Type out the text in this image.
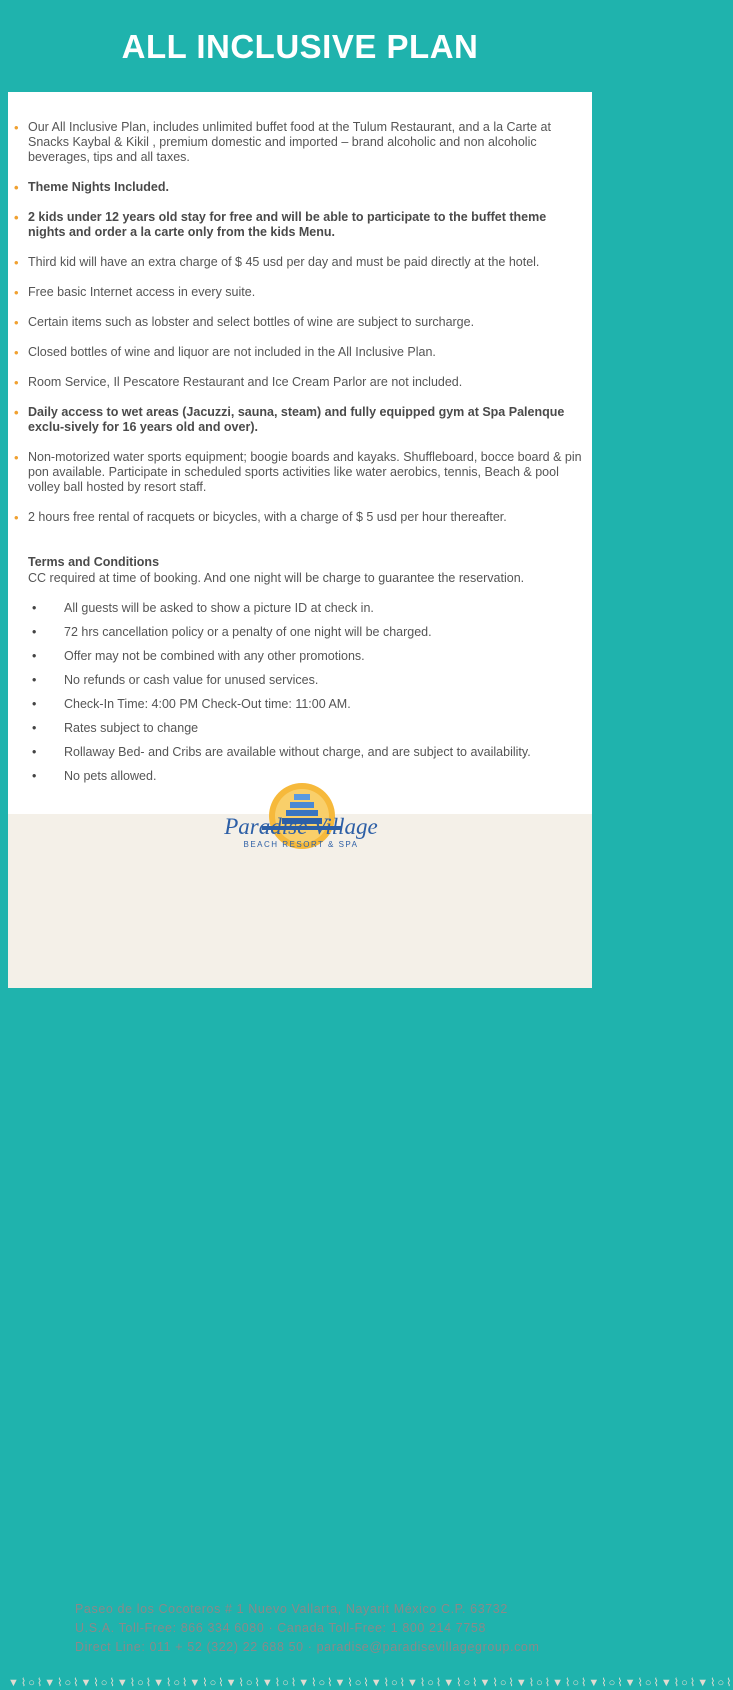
ALL INCLUSIVE PLAN
• Our All Inclusive Plan, includes unlimited buffet food at the Tulum Restaurant, and a la Carte at Snacks Kaybal & Kikil , premium domestic and imported – brand alcoholic and non alcoholic beverages, tips and all taxes.
• Theme Nights Included.
• 2 kids under 12 years old stay for free and will be able to participate to the buffet theme nights and order a la carte only from the kids Menu.
• Third kid will have an extra charge of $ 45 usd per day and must be paid directly at the hotel.
• Free basic Internet access in every suite.
• Certain items such as lobster and select bottles of wine are subject to surcharge.
• Closed bottles of wine and liquor are not included in the All Inclusive Plan.
• Room Service, Il Pescatore Restaurant and Ice Cream Parlor are not included.
• Daily access to wet areas (Jacuzzi, sauna, steam) and fully equipped gym at Spa Palenque exclu-sively for 16 years old and over).
• Non-motorized water sports equipment; boogie boards and kayaks. Shuffleboard, bocce board & pin pon available. Participate in scheduled sports activities like water aerobics, tennis, Beach & pool volley ball hosted by resort staff.
• 2 hours free rental of racquets or bicycles, with a charge of $ 5 usd per hour thereafter.
Terms and Conditions
CC required at time of booking. And one night will be charge to guarantee the reservation.
• All guests will be asked to show a picture ID at check in.
• 72 hrs cancellation policy or a penalty of one night will be charged.
• Offer may not be combined with any other promotions.
• No refunds or cash value for unused services.
• Check-In Time: 4:00 PM Check-Out time: 11:00 AM.
• Rates subject to change
• Rollaway Bed- and Cribs are available without charge, and are subject to availability.
• No pets allowed.
Paseo de los Cocoteros # 1 Nuevo Vallarta, Nayarit México C.P. 63732
U.S.A. Toll-Free: 866 334 6080 · Canada Toll-Free: 1 800 214 7758
Direct Line: 011 + 52 (322) 22 688 50 · paradise@paradisevillagegroup.com
▼⌇○⌇▼⌇○⌇▼⌇○⌇▼⌇○⌇▼⌇○⌇▼⌇○⌇▼⌇○⌇▼⌇○⌇▼⌇○⌇▼⌇○⌇▼⌇○⌇▼⌇○⌇▼⌇○⌇▼⌇○⌇▼⌇○⌇▼⌇○⌇▼⌇○⌇▼⌇○⌇▼⌇○⌇▼⌇○⌇
Paradise Village
BEACH RESORT & SPA
